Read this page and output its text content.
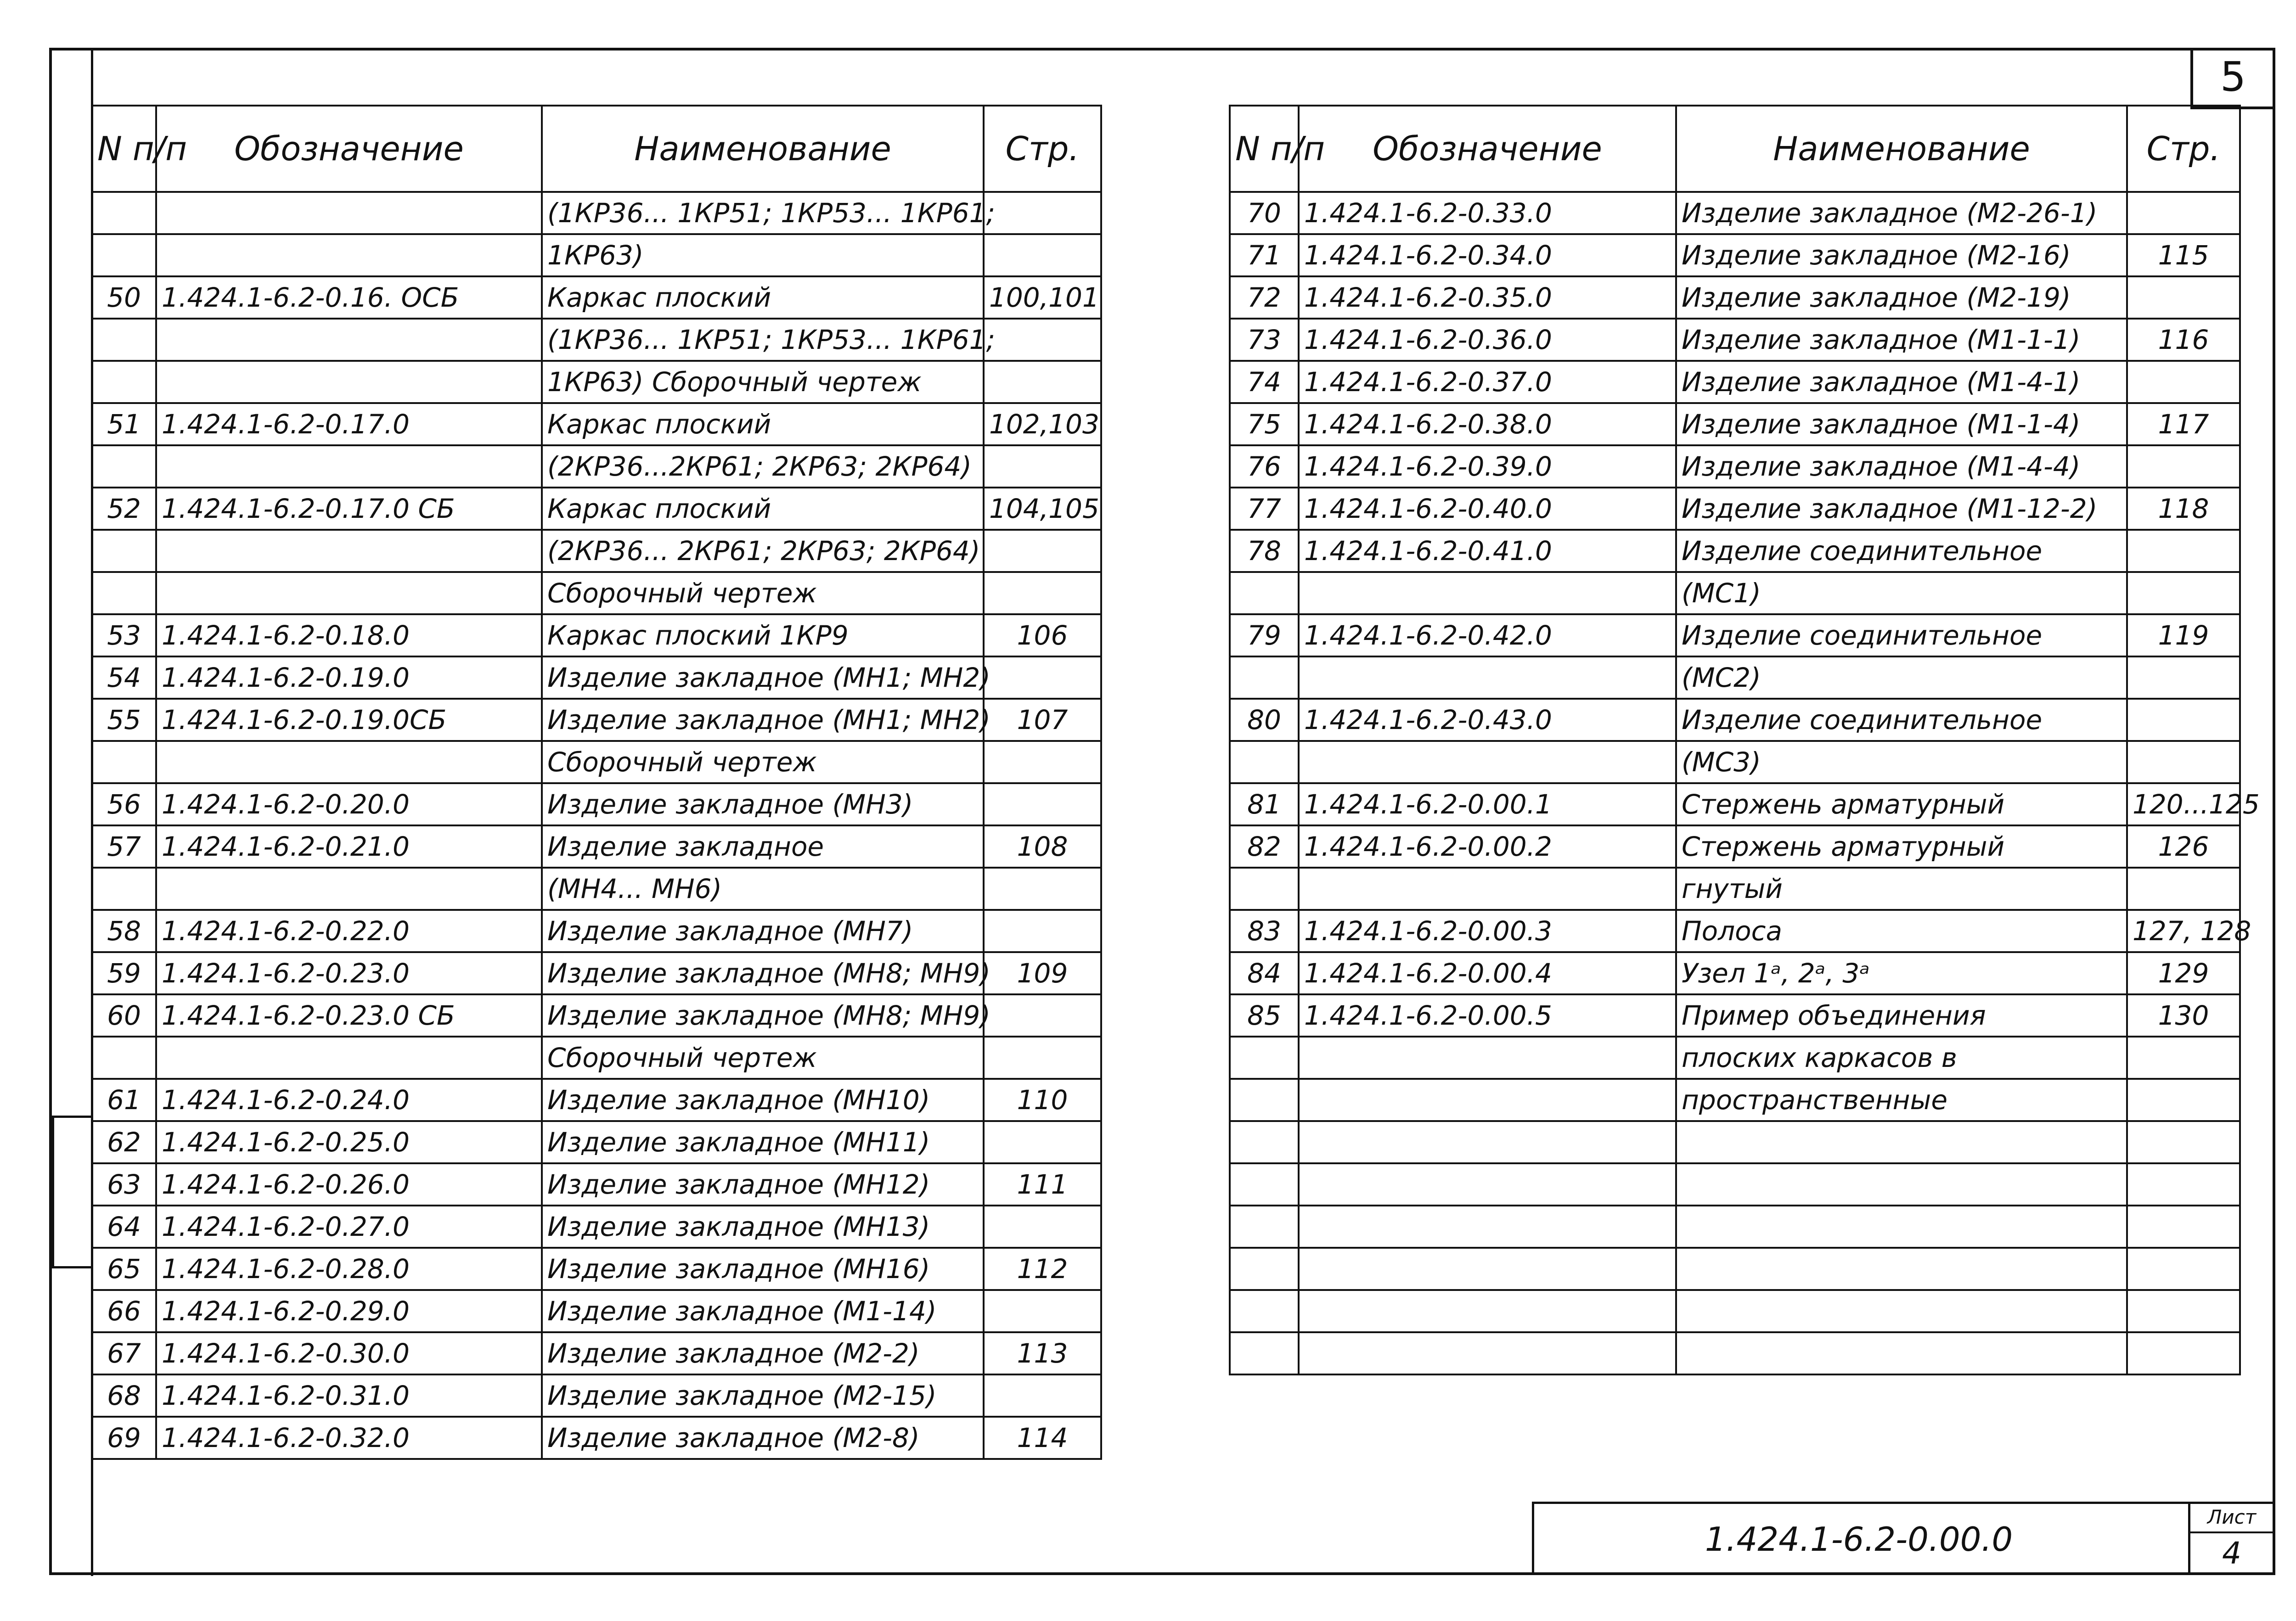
5
N п/п	Обозначение	Наименование	Стр.
		(1КР36... 1КР51; 1КР53... 1КР61;	
		1КР63)	
50	1.424.1-6.2-0.16. ОСБ	Каркас плоский	100,101
		(1КР36... 1КР51; 1КР53... 1КР61;	
		1КР63) Сборочный чертеж	
51	1.424.1-6.2-0.17.0	Каркас плоский	102,103
		(2КР36...2КР61; 2КР63; 2КР64)	
52	1.424.1-6.2-0.17.0 СБ	Каркас плоский	104,105
		(2КР36... 2КР61; 2КР63; 2КР64)	
		Сборочный чертеж	
53	1.424.1-6.2-0.18.0	Каркас плоский 1КР9	106
54	1.424.1-6.2-0.19.0	Изделие закладное (МН1; МН2)	
55	1.424.1-6.2-0.19.0СБ	Изделие закладное (МН1; МН2)	107
		Сборочный чертеж	
56	1.424.1-6.2-0.20.0	Изделие закладное (МН3)	
57	1.424.1-6.2-0.21.0	Изделие закладное	108
		(МН4... МН6)	
58	1.424.1-6.2-0.22.0	Изделие закладное (МН7)	
59	1.424.1-6.2-0.23.0	Изделие закладное (МН8; МН9)	109
60	1.424.1-6.2-0.23.0 СБ	Изделие закладное (МН8; МН9)	
		Сборочный чертеж	
61	1.424.1-6.2-0.24.0	Изделие закладное (МН10)	110
62	1.424.1-6.2-0.25.0	Изделие закладное (МН11)	
63	1.424.1-6.2-0.26.0	Изделие закладное (МН12)	111
64	1.424.1-6.2-0.27.0	Изделие закладное (МН13)	
65	1.424.1-6.2-0.28.0	Изделие закладное (МН16)	112
66	1.424.1-6.2-0.29.0	Изделие закладное (М1-14)	
67	1.424.1-6.2-0.30.0	Изделие закладное (М2-2)	113
68	1.424.1-6.2-0.31.0	Изделие закладное (М2-15)	
69	1.424.1-6.2-0.32.0	Изделие закладное (М2-8)	114
N п/п	Обозначение	Наименование	Стр.
70	1.424.1-6.2-0.33.0	Изделие закладное (М2-26-1)	
71	1.424.1-6.2-0.34.0	Изделие закладное (М2-16)	115
72	1.424.1-6.2-0.35.0	Изделие закладное (М2-19)	
73	1.424.1-6.2-0.36.0	Изделие закладное (М1-1-1)	116
74	1.424.1-6.2-0.37.0	Изделие закладное (М1-4-1)	
75	1.424.1-6.2-0.38.0	Изделие закладное (М1-1-4)	117
76	1.424.1-6.2-0.39.0	Изделие закладное (М1-4-4)	
77	1.424.1-6.2-0.40.0	Изделие закладное (М1-12-2)	118
78	1.424.1-6.2-0.41.0	Изделие соединительное	
		(МС1)	
79	1.424.1-6.2-0.42.0	Изделие соединительное	119
		(МС2)	
80	1.424.1-6.2-0.43.0	Изделие соединительное	
		(МС3)	
81	1.424.1-6.2-0.00.1	Стержень арматурный	120...125
82	1.424.1-6.2-0.00.2	Стержень арматурный	126
		гнутый	
83	1.424.1-6.2-0.00.3	Полоса	127, 128
84	1.424.1-6.2-0.00.4	Узел 1ᵃ, 2ᵃ, 3ᵃ	129
85	1.424.1-6.2-0.00.5	Пример объединения	130
		плоских каркасов в	
		пространственные	

1.424.1-6.2-0.00.0
Лист
4
